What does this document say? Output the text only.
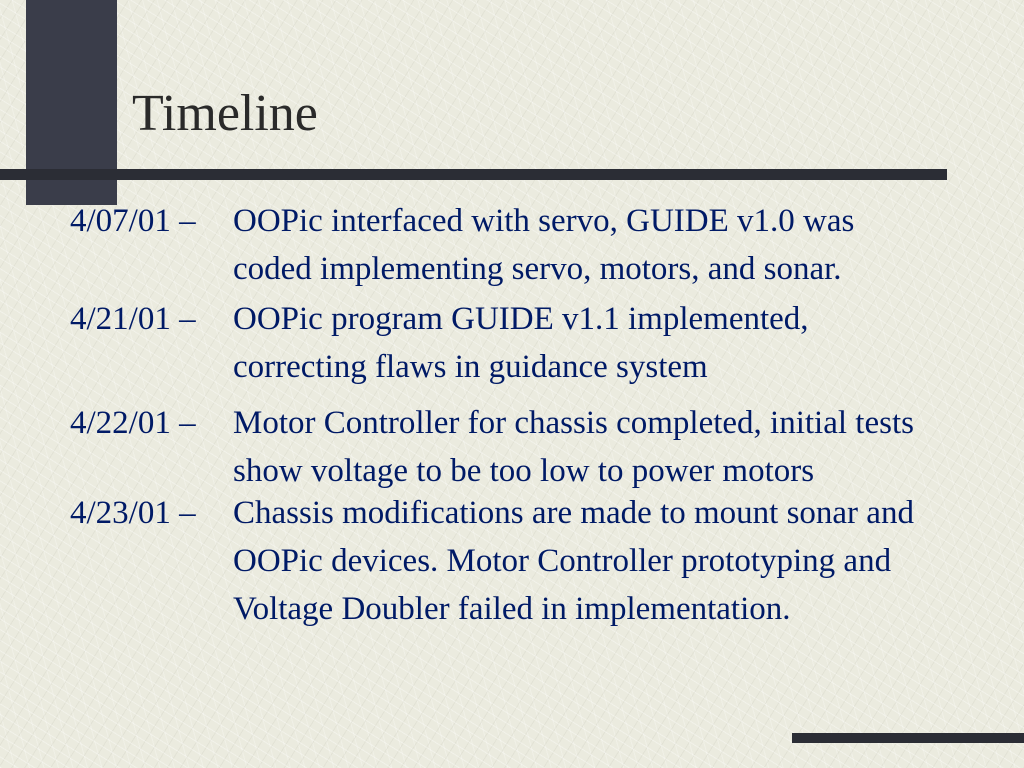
Timeline
4/07/01 – OOPic interfaced with servo, GUIDE v1.0 was coded implementing servo, motors, and sonar.
4/21/01 – OOPic program GUIDE v1.1 implemented, correcting flaws in guidance system
4/22/01 – Motor Controller for chassis completed, initial tests show voltage to be too low to power motors
4/23/01 – Chassis modifications are made to mount sonar and OOPic devices. Motor Controller prototyping and Voltage Doubler failed in implementation.
